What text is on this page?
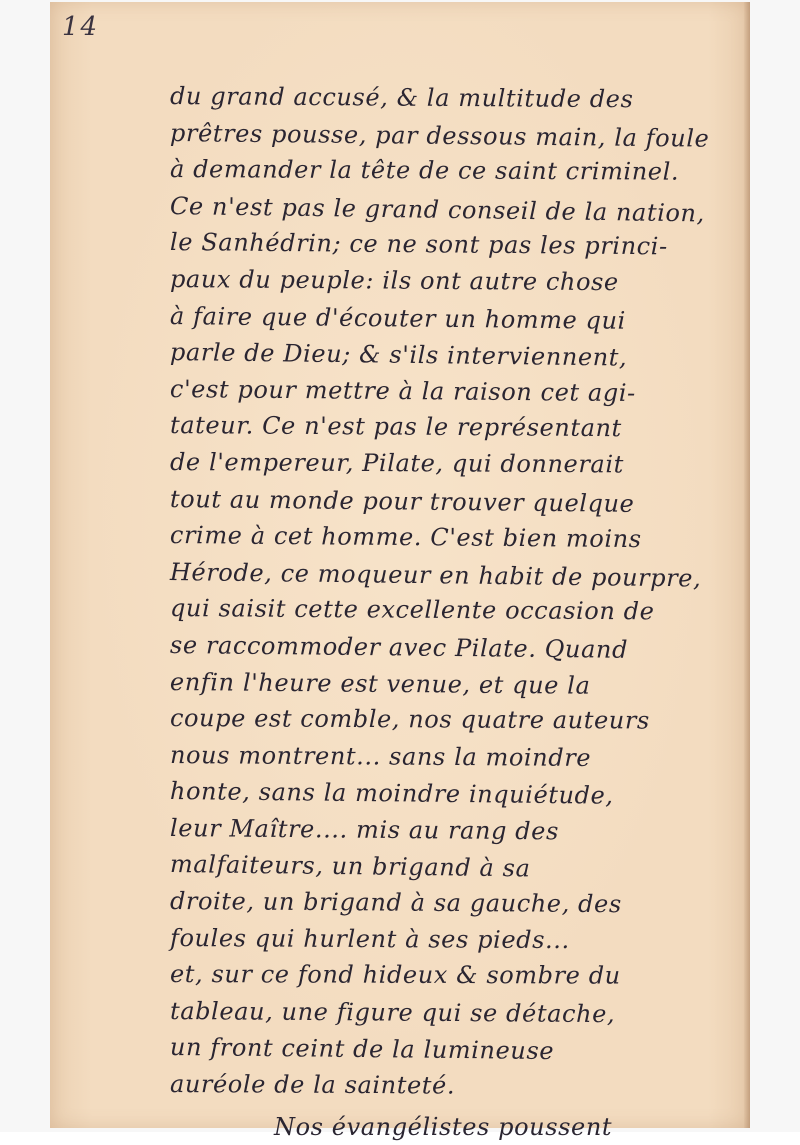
14
du grand accusé, & la multitude des
prêtres pousse, par dessous main, la foule
à demander la tête de ce saint criminel.
Ce n'est pas le grand conseil de la nation,
le Sanhédrin; ce ne sont pas les princi-
paux du peuple: ils ont autre chose
à faire que d'écouter un homme qui
parle de Dieu; & s'ils interviennent,
c'est pour mettre à la raison cet agi-
tateur. Ce n'est pas le représentant
de l'empereur, Pilate, qui donnerait
tout au monde pour trouver quelque
crime à cet homme. C'est bien moins
Hérode, ce moqueur en habit de pourpre,
qui saisit cette excellente occasion de
se raccommoder avec Pilate. Quand
enfin l'heure est venue, et que la
coupe est comble, nos quatre auteurs
nous montrent... sans la moindre
honte, sans la moindre inquiétude,
leur Maître.... mis au rang des
malfaiteurs, un brigand à sa
droite, un brigand à sa gauche, des
foules qui hurlent à ses pieds...
et, sur ce fond hideux & sombre du
tableau, une figure qui se détache,
un front ceint de la lumineuse
auréole de la sainteté.
Nos évangélistes poussent
